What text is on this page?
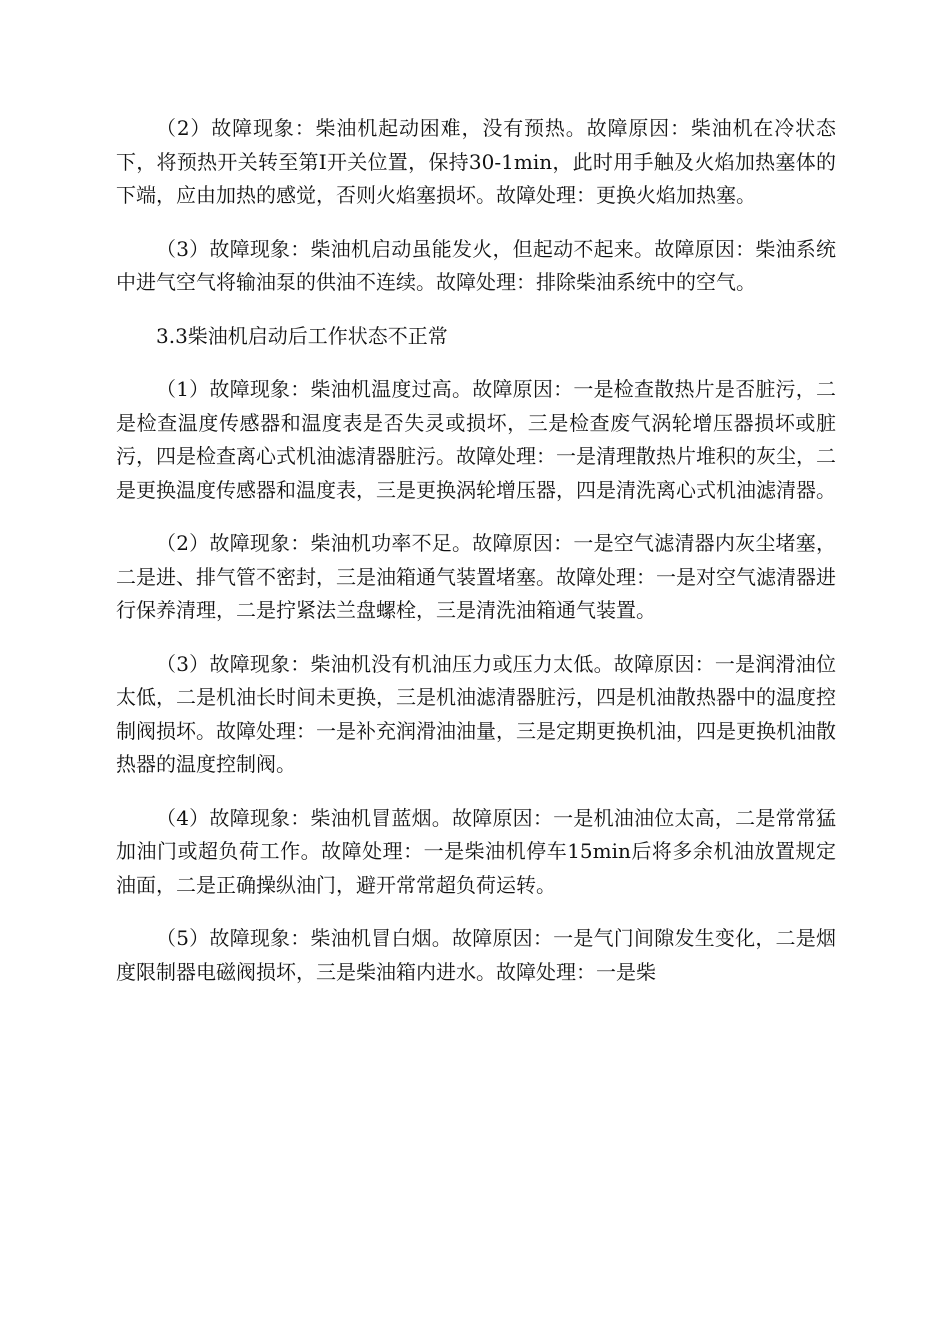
（2）故障现象：柴油机起动困难，没有预热。故障原因：柴油机在冷状态下，将预热开关转至第Ⅰ开关位置，保持30-1min，此时用手触及火焰加热塞体的下端，应由加热的感觉，否则火焰塞损坏。故障处理：更换火焰加热塞。

（3）故障现象：柴油机启动虽能发火，但起动不起来。故障原因：柴油系统中进气空气将输油泵的供油不连续。故障处理：排除柴油系统中的空气。

3.3柴油机启动后工作状态不正常

（1）故障现象：柴油机温度过高。故障原因：一是检查散热片是否脏污，二是检查温度传感器和温度表是否失灵或损坏，三是检查废气涡轮增压器损坏或脏污，四是检查离心式机油滤清器脏污。故障处理：一是清理散热片堆积的灰尘，二是更换温度传感器和温度表，三是更换涡轮增压器，四是清洗离心式机油滤清器。

（2）故障现象：柴油机功率不足。故障原因：一是空气滤清器内灰尘堵塞，二是进、排气管不密封，三是油箱通气装置堵塞。故障处理：一是对空气滤清器进行保养清理，二是拧紧法兰盘螺栓，三是清洗油箱通气装置。

（3）故障现象：柴油机没有机油压力或压力太低。故障原因：一是润滑油位太低，二是机油长时间未更换，三是机油滤清器脏污，四是机油散热器中的温度控制阀损坏。故障处理：一是补充润滑油油量，三是定期更换机油，四是更换机油散热器的温度控制阀。

（4）故障现象：柴油机冒蓝烟。故障原因：一是机油油位太高，二是常常猛加油门或超负荷工作。故障处理：一是柴油机停车15min后将多余机油放置规定油面，二是正确操纵油门，避开常常超负荷运转。

（5）故障现象：柴油机冒白烟。故障原因：一是气门间隙发生变化，二是烟度限制器电磁阀损坏，三是柴油箱内进水。故障处理：一是柴
